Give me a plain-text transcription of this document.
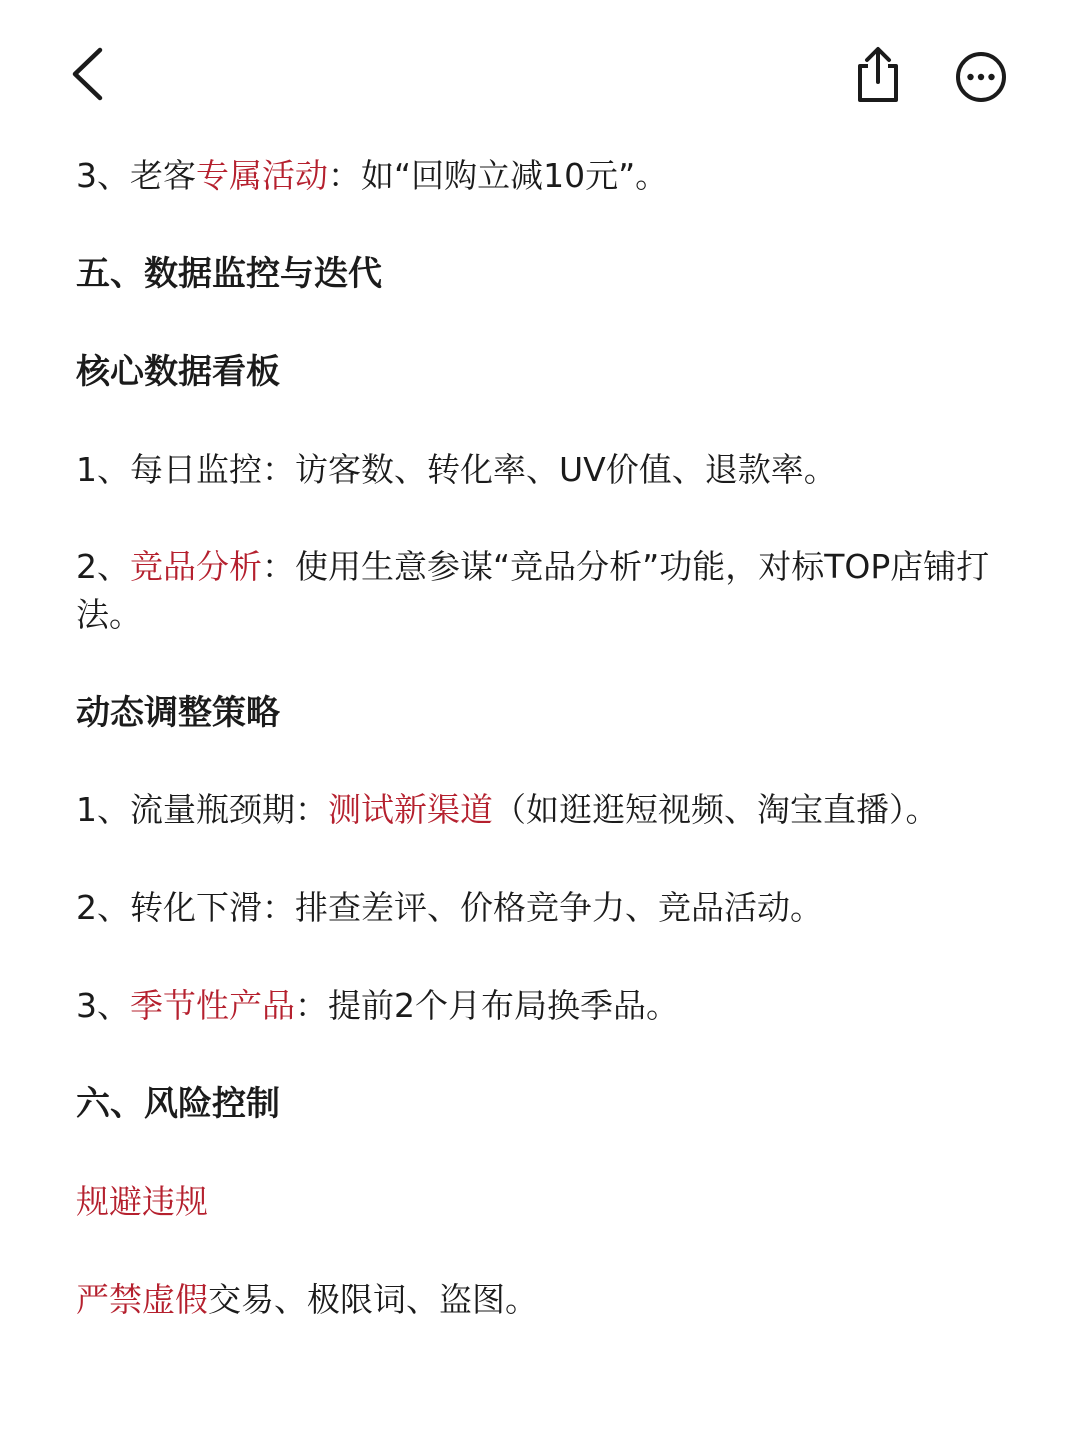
3、老客专属活动：如“回购立减10元”。
五、数据监控与迭代
核心数据看板
1、每日监控：访客数、转化率、UV价值、退款率。
2、竞品分析：使用生意参谋“竞品分析”功能，对标TOP店铺打法。
动态调整策略
1、流量瓶颈期：测试新渠道（如逛逛短视频、淘宝直播）。
2、转化下滑：排查差评、价格竞争力、竞品活动。
3、季节性产品：提前2个月布局换季品。
六、风险控制
规避违规
严禁虚假交易、极限词、盗图。
